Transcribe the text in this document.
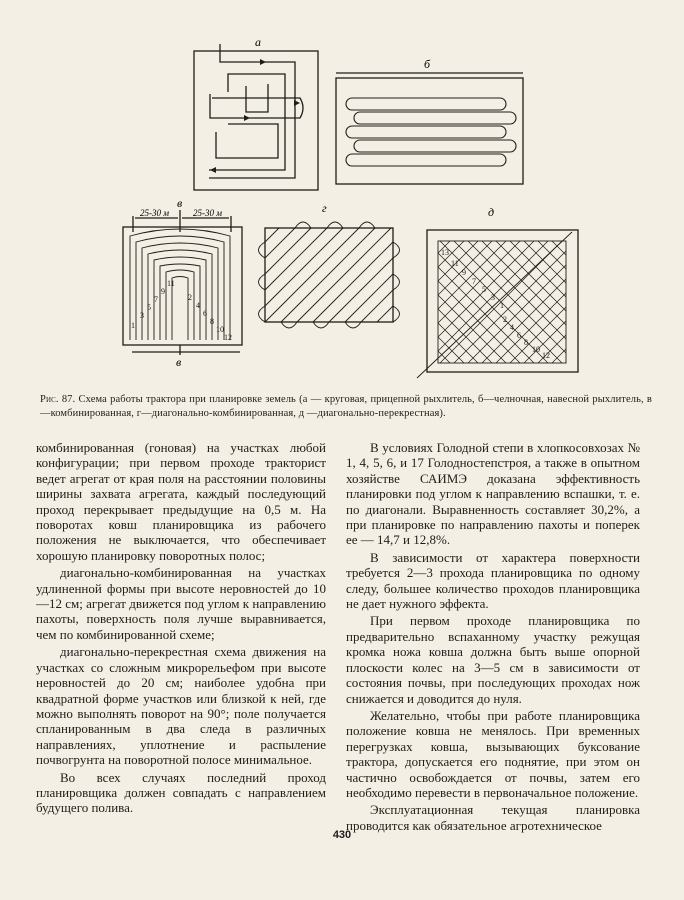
а
б
в
в
г	д
25-30 м	25-30 м
1
3
5
7
9
11
2
4
6
8
10
12
13
11
9
7
5
3
1
2
4
6
8
10
12
Рис. 87. Схема работы трактора при планировке земель (а — круговая, прицепной рыхлитель, б—челночная, навесной рыхлитель, в—комбинированная, г—диагонально-комбинированная, д —диагонально-перекрестная).

комбинированная (гоновая) на участках любой конфигурации; при первом проходе тракторист ведет агрегат от края поля на расстоянии половины ширины захвата агрегата, каждый последующий проход перекрывает предыдущие на 0,5 м. На поворотах ковш планировщика из рабочего положения не выключается, что обеспечивает хорошую планировку поворотных полос;

диагонально-комбинированная на участках удлиненной формы при высоте неровностей до 10—12 см; агрегат движется под углом к направлению пахоты, поверхность поля лучше выравнивается, чем по комбинированной схеме;

диагонально-перекрестная схема движения на участках со сложным микрорельефом при высоте неровностей до 20 см; наиболее удобна при квадратной форме участков или близкой к ней, где можно выполнять поворот на 90°; поле получается спланированным в два следа в различных направлениях, уплотнение и распыление почвогрунта на поворотной полосе минимальное.

Во всех случаях последний проход планировщика должен совпадать с направлением будущего полива.

В условиях Голодной степи в хлопкосовхозах № 1, 4, 5, 6, и 17 Голодностепстроя, а также в опытном хозяйстве САИМЭ доказана эффективность планировки под углом к направлению вспашки, т. е. по диагонали. Выравненность составляет 30,2%, а при планировке по направлению пахоты и поперек ее — 14,7 и 12,8%.

В зависимости от характера поверхности требуется 2—3 прохода планировщика по одному следу, большее количество проходов планировщика не дает нужного эффекта.

При первом проходе планировщика по предварительно вспаханному участку режущая кромка ножа ковша должна быть выше опорной плоскости колес на 3—5 см в зависимости от состояния почвы, при последующих проходах нож снижается и доводится до нуля.

Желательно, чтобы при работе планировщика положение ковша не менялось. При временных перегрузках ковша, вызывающих буксование трактора, допускается его поднятие, при этом он частично освобождается от почвы, затем его необходимо перевести в первоначальное положение.

Эксплуатационная текущая планировка проводится как обязательное агротехническое

430
